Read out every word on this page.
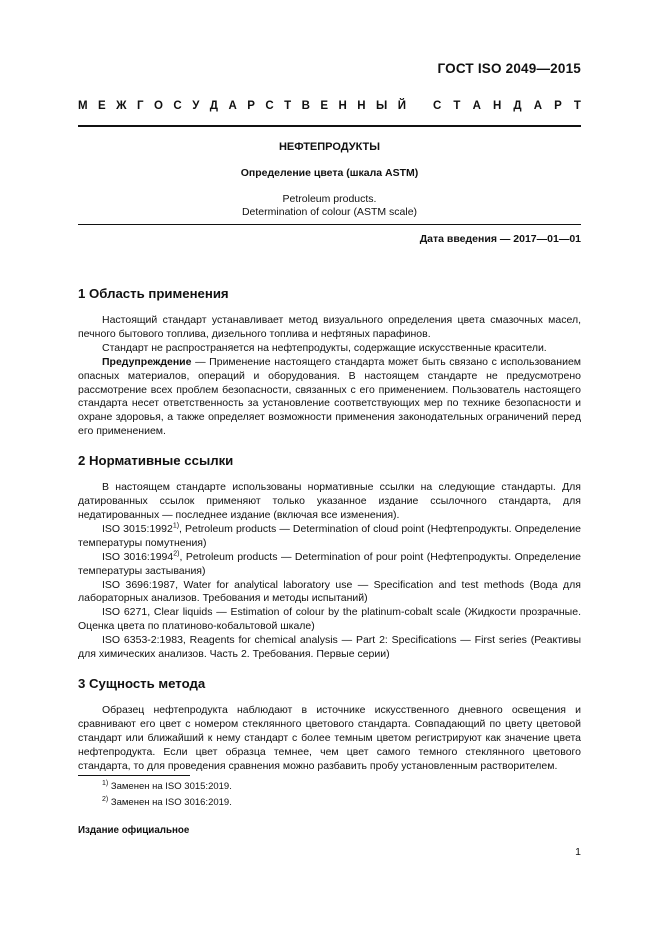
ГОСТ ISO 2049—2015
М Е Ж Г О С У Д А Р С Т В Е Н Н Ы Й С Т А Н Д А Р Т
НЕФТЕПРОДУКТЫ
Определение цвета (шкала ASTM)
Petroleum products.
Determination of colour (ASTM scale)
Дата введения — 2017—01—01
1 Область применения

Настоящий стандарт устанавливает метод визуального определения цвета смазочных масел, печного бытового топлива, дизельного топлива и нефтяных парафинов.

Стандарт не распространяется на нефтепродукты, содержащие искусственные красители.

Предупреждение — Применение настоящего стандарта может быть связано с использованием опасных материалов, операций и оборудования. В настоящем стандарте не предусмотрено рассмотрение всех проблем безопасности, связанных с его применением. Пользователь настоящего стандарта несет ответственность за установление соответствующих мер по технике безопасности и охране здоровья, а также определяет возможности применения законодательных ограничений перед его применением.

2 Нормативные ссылки

В настоящем стандарте использованы нормативные ссылки на следующие стандарты. Для датированных ссылок применяют только указанное издание ссылочного стандарта, для недатированных — последнее издание (включая все изменения).

ISO 3015:1992$^{1)}$, Petroleum products — Determination of cloud point (Нефтепродукты. Определение температуры помутнения)

ISO 3016:1994$^{2)}$, Petroleum products — Determination of pour point (Нефтепродукты. Определение температуры застывания)

ISO 3696:1987, Water for analytical laboratory use — Specification and test methods (Вода для лабораторных анализов. Требования и методы испытаний)

ISO 6271, Clear liquids — Estimation of colour by the platinum-cobalt scale (Жидкости прозрачные. Оценка цвета по платиново-кобальтовой шкале)

ISO 6353-2:1983, Reagents for chemical analysis — Part 2: Specifications — First series (Реактивы для химических анализов. Часть 2. Требования. Первые серии)

3 Сущность метода

Образец нефтепродукта наблюдают в источнике искусственного дневного освещения и сравнивают его цвет с номером стеклянного цветового стандарта. Совпадающий по цвету цветовой стандарт или ближайший к нему стандарт с более темным цветом регистрируют как значение цвета нефтепродукта. Если цвет образца темнее, чем цвет самого темного стеклянного цветового стандарта, то для проведения сравнения можно разбавить пробу установленным растворителем.

$^{1)}$ Заменен на ISO 3015:2019.
$^{2)}$ Заменен на ISO 3016:2019.
Издание официальное
1
